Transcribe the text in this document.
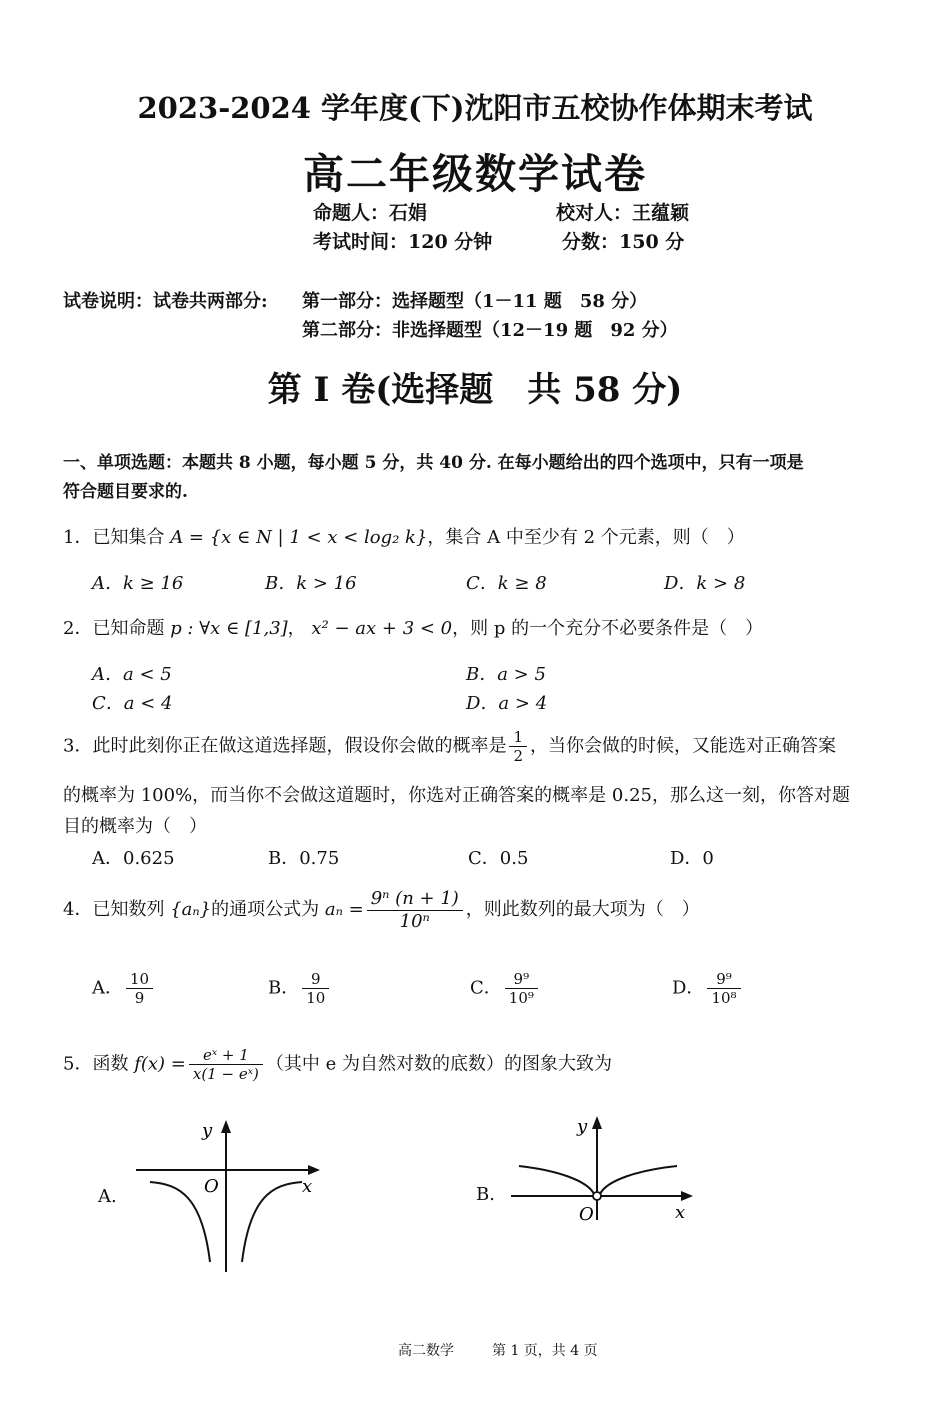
2023-2024 学年度(下)沈阳市五校协作体期末考试
高二年级数学试卷
命题人：石娟	校对人：王蕴颖
考试时间：120 分钟	分数：150 分
试卷说明：试卷共两部分: 第一部分：选择题型（1－11 题　58 分）
第二部分：非选择题型（12－19 题　92 分）
第 I 卷(选择题　共 58 分)
一、单项选题：本题共 8 小题，每小题 5 分，共 40 分. 在每小题给出的四个选项中，只有一项是
符合题目要求的.
1．已知集合 A = {x ∈ N | 1 < x < log₂ k}，集合 A 中至少有 2 个元素，则（　）
A．k ≥ 16	B．k > 16	C．k ≥ 8	D．k > 8
2．已知命题 p : ∀x ∈ [1,3]， x² − ax + 3 < 0，则 p 的一个充分不必要条件是（　）
A．a < 5	B．a > 5
C．a < 4	D．a > 4
3．此时此刻你正在做这道选择题，假设你会做的概率是 $\frac{1}{2}$ ，当你会做的时候，又能选对正确答案
的概率为 100%，而当你不会做这道题时，你选对正确答案的概率是 0.25，那么这一刻，你答对题
目的概率为（　）
A．0.625	B．0.75	C．0.5	D．0
4．已知数列 {aₙ}的通项公式为 $a_n = \frac{\text{9ⁿ (n + 1)}}{\text{10ⁿ}}$ ，则此数列的最大项为（　）
A． $\frac{10}{9}$	B． $\frac{9}{10}$	C． $\frac{\text{9⁹}}{\text{10⁹}}$	D． $\frac{\text{9⁹}}{\text{10⁸}}$
5．函数 $f(x) = \frac{\text{eˣ + 1}}{\text{x(1 − eˣ)}}$ （其中 e 为自然对数的底数）的图象大致为
A.
y
x
O	B.
y
x
O
高二数学	第 1 页，共 4 页
